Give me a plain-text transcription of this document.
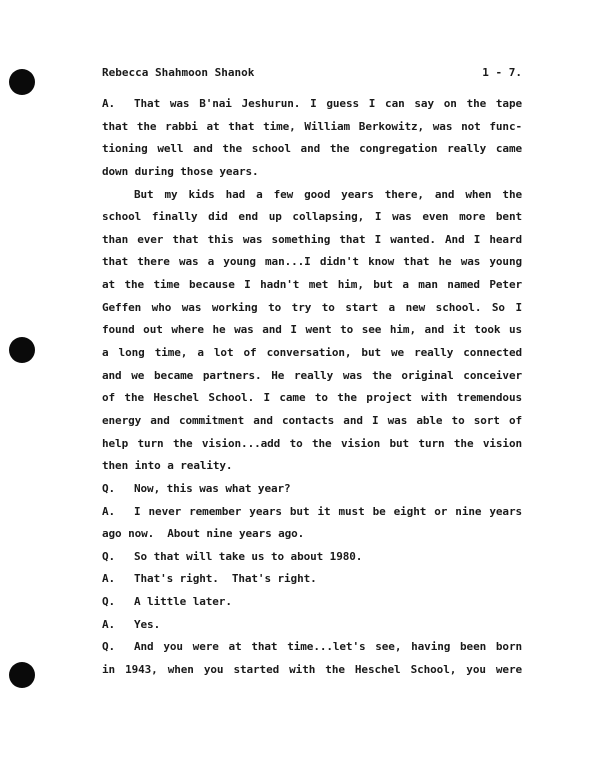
Rebecca Shahmoon Shanok	1 - 7.
A. That was B'nai Jeshurun. I guess I can say on the tape
that the rabbi at that time, William Berkowitz, was not func-
tioning well and the school and the congregation really came
down during those years.
But my kids had a few good years there, and when the
school finally did end up collapsing, I was even more bent
than ever that this was something that I wanted. And I heard
that there was a young man...I didn't know that he was young
at the time because I hadn't met him, but a man named Peter
Geffen who was working to try to start a new school. So I
found out where he was and I went to see him, and it took us
a long time, a lot of conversation, but we really connected
and we became partners. He really was the original conceiver
of the Heschel School. I came to the project with tremendous
energy and commitment and contacts and I was able to sort of
help turn the vision...add to the vision but turn the vision
then into a reality.
Q. Now, this was what year?
A. I never remember years but it must be eight or nine years
ago now.  About nine years ago.
Q. So that will take us to about 1980.
A. That's right.  That's right.
Q. A little later.
A. Yes.
Q. And you were at that time...let's see, having been born
in 1943, when you started with the Heschel School, you were
